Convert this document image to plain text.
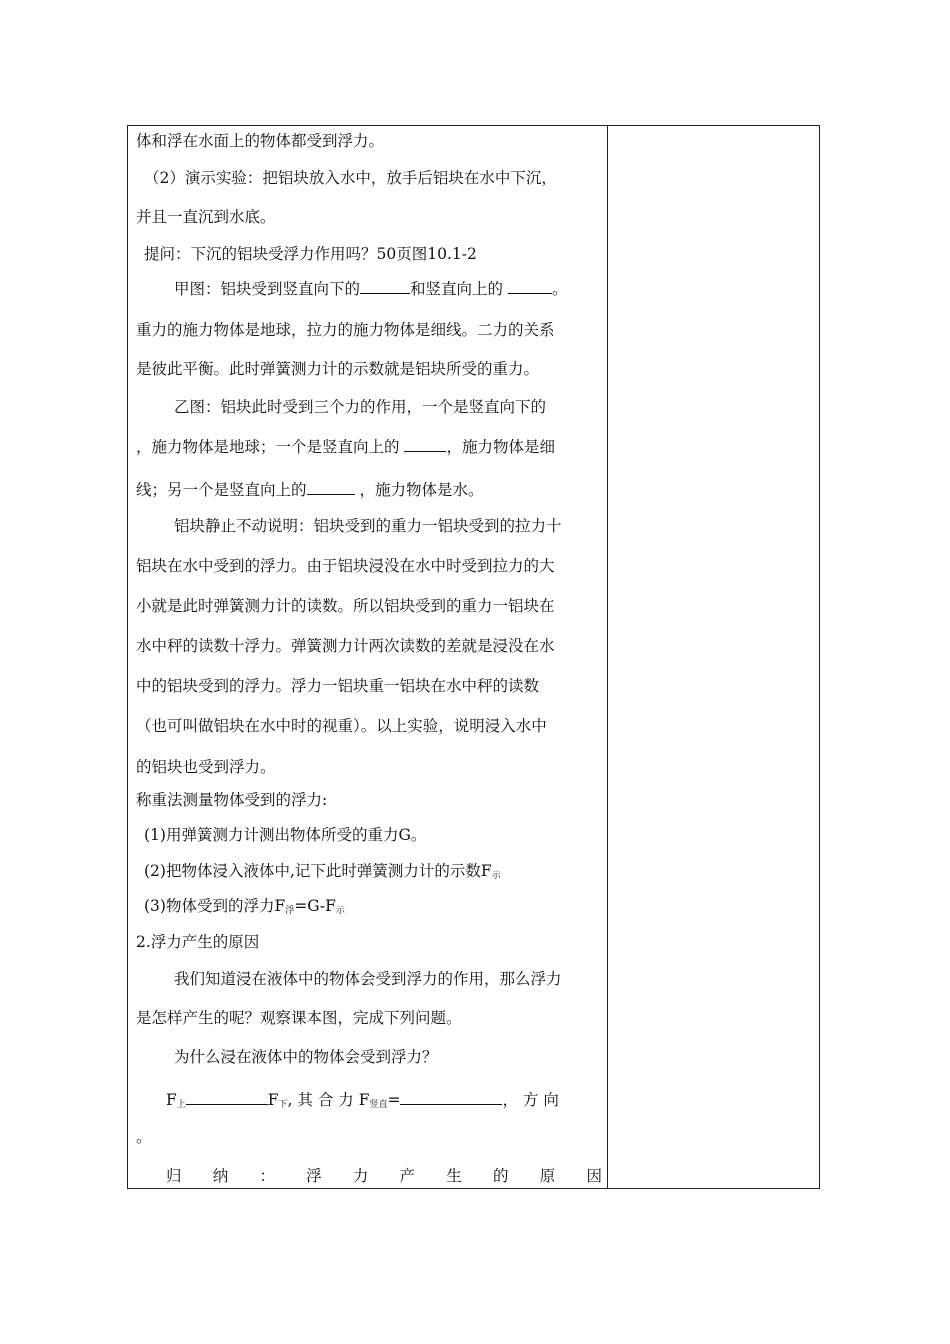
体和浮在水面上的物体都受到浮力。
（2）演示实验：把铝块放入水中，放手后铝块在水中下沉，
并且一直沉到水底。
提问：下沉的铝块受浮力作用吗？50页图10.1-2
甲图：铝块受到竖直向下的	和竖直向上的	。
重力的施力物体是地球，拉力的施力物体是细线。二力的关系
是彼此平衡。此时弹簧测力计的示数就是铝块所受的重力。
乙图：铝块此时受到三个力的作用，一个是竖直向下的
，施力物体是地球；一个是竖直向上的	，施力物体是细
线；另一个是竖直向上的	，施力物体是水。
铝块静止不动说明：铝块受到的重力一铝块受到的拉力十
铝块在水中受到的浮力。由于铝块浸没在水中时受到拉力的大
小就是此时弹簧测力计的读数。所以铝块受到的重力一铝块在
水中秤的读数十浮力。弹簧测力计两次读数的差就是浸没在水
中的铝块受到的浮力。浮力一铝块重一铝块在水中秤的读数
（也可叫做铝块在水中时的视重）。以上实验，说明浸入水中
的铝块也受到浮力。
称重法测量物体受到的浮力:
(1)用弹簧测力计测出物体所受的重力G。
(2)把物体浸入液体中,记下此时弹簧测力计的示数$F_示$
(3)物体受到的浮力$F_浮=G-F_示$
2.浮力产生的原因
我们知道浸在液体中的物体会受到浮力的作用，那么浮力
是怎样产生的呢？观察课本图，完成下列问题。
为什么浸在液体中的物体会受到浮力？
$F_上$	$F_下$, 其 合 力 $F_{竖直}=$	， 方 向
。
归 纳 ： 浮 力 产 生 的 原 因
